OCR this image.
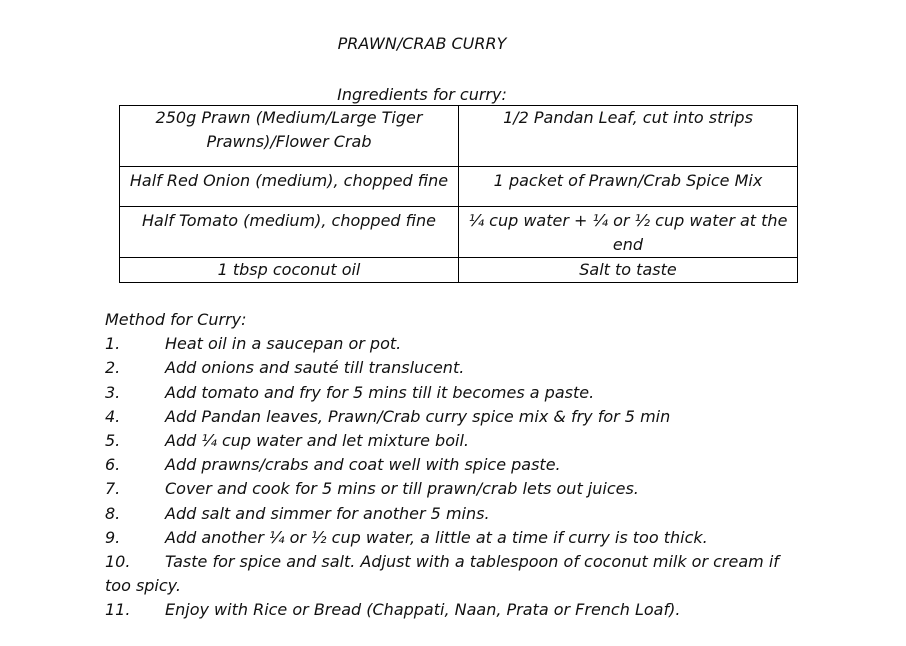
PRAWN/CRAB CURRY
Ingredients for curry:
250g Prawn (Medium/Large Tiger Prawns)/Flower Crab	1/2 Pandan Leaf, cut into strips
Half Red Onion (medium), chopped fine	1 packet of Prawn/Crab Spice Mix
Half Tomato (medium), chopped fine	¼ cup water + ¼ or ½ cup water at the end
1 tbsp coconut oil	Salt to taste
Method for Curry:
1.	Heat oil in a saucepan or pot.
2.	Add onions and sauté till translucent.
3.	Add tomato and fry for 5 mins till it becomes a paste.
4.	Add Pandan leaves, Prawn/Crab curry spice mix & fry for 5 min
5.	Add ¼ cup water and let mixture boil.
6.	Add prawns/crabs and coat well with spice paste.
7.	Cover and cook for 5 mins or till prawn/crab lets out juices.
8.	Add salt and simmer for another 5 mins.
9.	Add another ¼ or ½ cup water, a little at a time if curry is too thick.
10. Taste for spice and salt. Adjust with a tablespoon of coconut milk or cream if too spicy.
11. Enjoy with Rice or Bread (Chappati, Naan, Prata or French Loaf).
